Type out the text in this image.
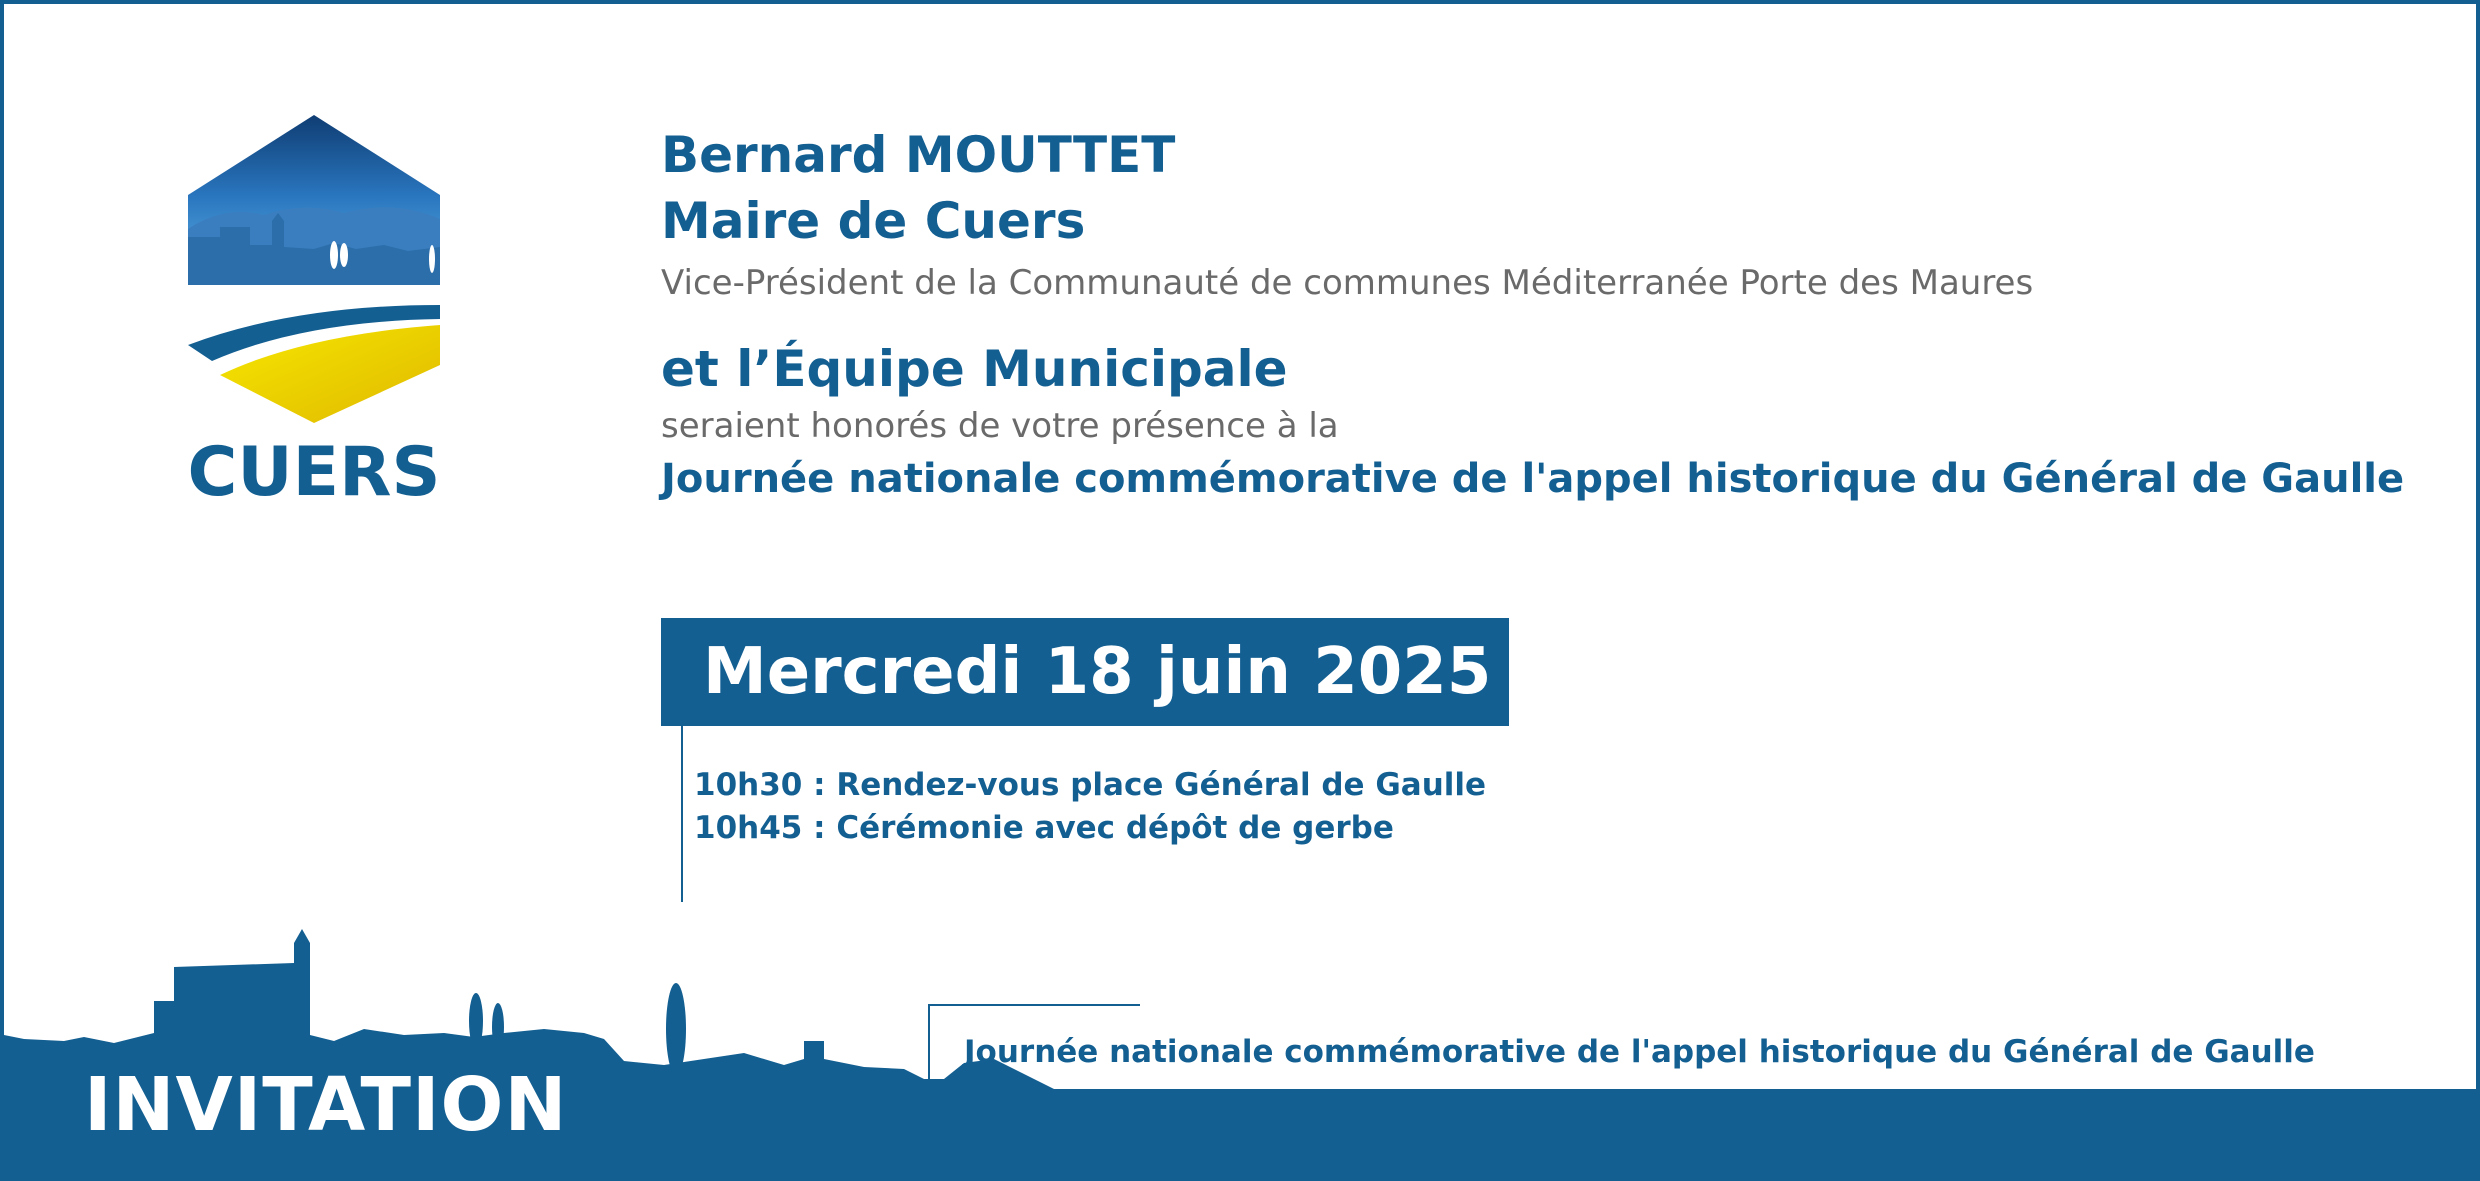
CUERS
Bernard MOUTTET
Maire de Cuers
Vice-Président de la Communauté de communes Méditerranée Porte des Maures
et l’Équipe Municipale
seraient honorés de votre présence à la
Journée nationale commémorative de l'appel historique du Général de Gaulle
Mercredi 18 juin 2025
10h30 : Rendez-vous place Général de Gaulle
10h45 : Cérémonie avec dépôt de gerbe
INVITATION
Journée nationale commémorative de l'appel historique du Général de Gaulle
